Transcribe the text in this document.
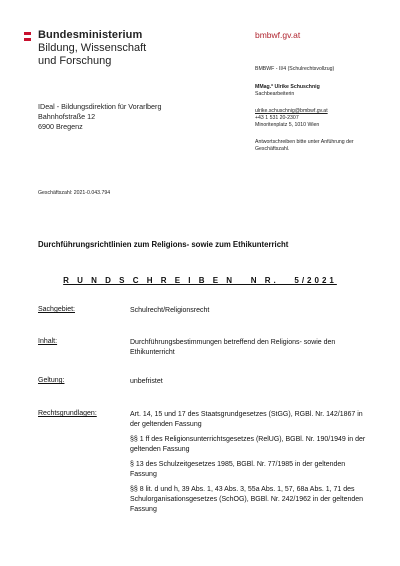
Bundesministerium
Bildung, Wissenschaft
und Forschung
bmbwf.gv.at
BMBWF - II/4 (Schulrechtsvollzug)
MMag.ª Ulrike Schuschnig
Sachbearbeiterin
ulrike.schuschnig@bmbwf.gv.at
+43 1 531 20-2307
Minoritenplatz 5, 1010 Wien
Antwortschreiben bitte unter Anführung der
Geschäftszahl.
IDeal - Bildungsdirektion für Vorarlberg
Bahnhofstraße 12
6900 Bregenz
Geschäftszahl: 2021-0.043.794
Durchführungsrichtlinien zum Religions- sowie zum Ethikunterricht
R U N D S C H R E I B E N   N R.   5/2021
Sachgebiet:	Schulrecht/Religionsrecht
Inhalt:	Durchführungsbestimmungen betreffend den Religions- sowie den Ethikunterricht
Geltung:	unbefristet
Rechtsgrundlagen:	Art. 14, 15 und 17 des Staatsgrundgesetzes (StGG), RGBl. Nr. 142/1867 in der geltenden Fassung

§§ 1 ff des Religionsunterrichtsgesetzes (RelUG), BGBl. Nr. 190/1949 in der geltenden Fassung

§ 13 des Schulzeitgesetzes 1985, BGBl. Nr. 77/1985 in der geltenden Fassung

§§ 8 lit. d und h, 39 Abs. 1, 43 Abs. 3, 55a Abs. 1, 57, 68a Abs. 1, 71 des Schulorganisationsgesetzes (SchOG), BGBl. Nr. 242/1962 in der geltenden Fassung
